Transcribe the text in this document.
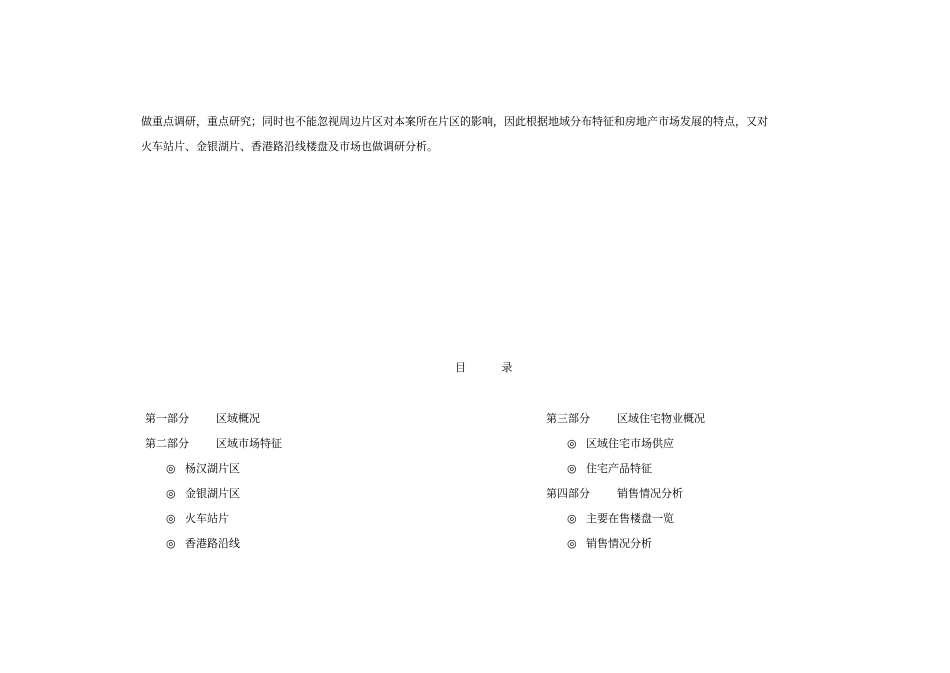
做重点调研，重点研究；同时也不能忽视周边片区对本案所在片区的影响，因此根据地域分布特征和房地产市场发展的特点，又对

火车站片、金银湖片、香港路沿线楼盘及市场也做调研分析。

目	录
第一部分 区域概况
第二部分 区域市场特征
◎ 杨汉湖片区
◎ 金银湖片区
◎ 火车站片
◎ 香港路沿线
第三部分 区域住宅物业概况
◎ 区域住宅市场供应
◎ 住宅产品特征
第四部分 销售情况分析
◎ 主要在售楼盘一览
◎ 销售情况分析
